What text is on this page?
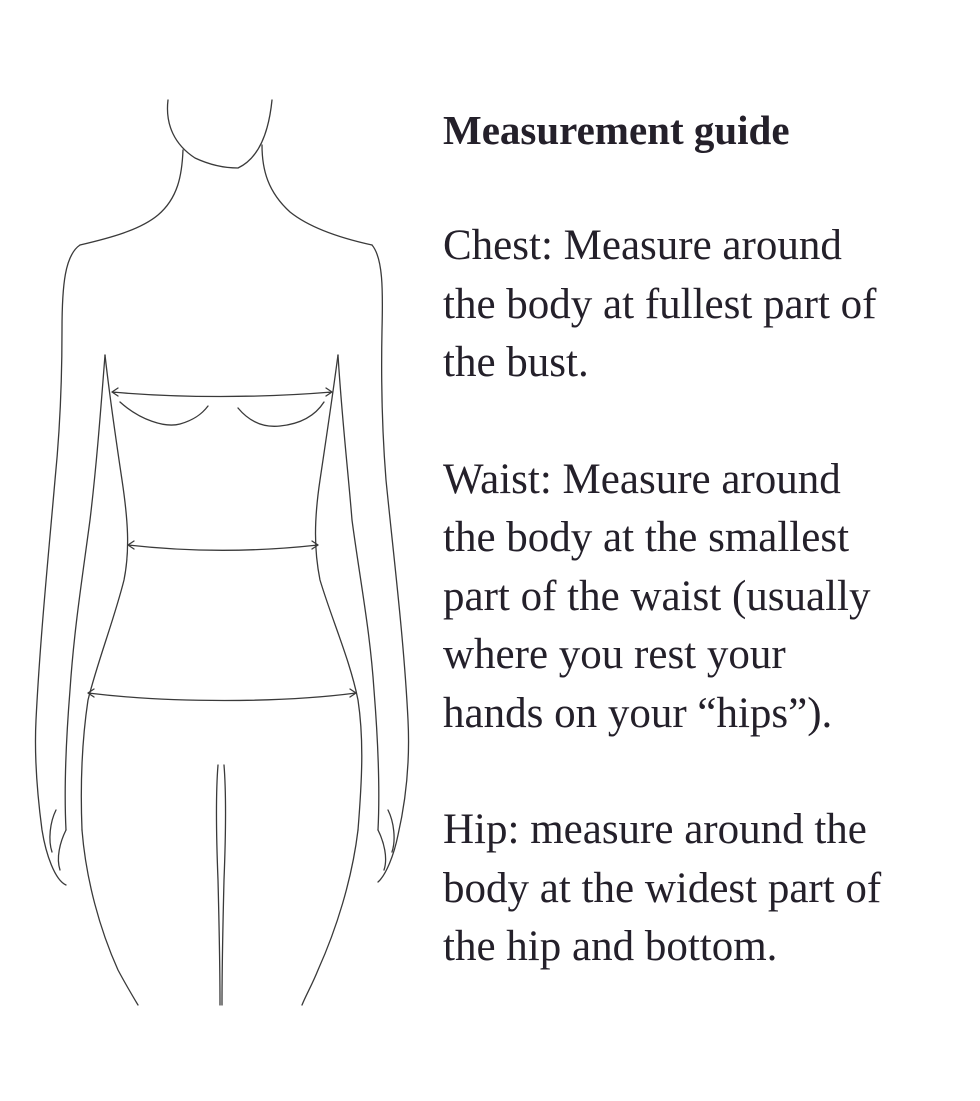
Measurement guide
Chest: Measure around
the body at fullest part of
the bust.
Waist: Measure around
the body at the smallest
part of the waist (usually
where you rest your
hands on your “hips”).
Hip: measure around the
body at the widest part of
the hip and bottom.
